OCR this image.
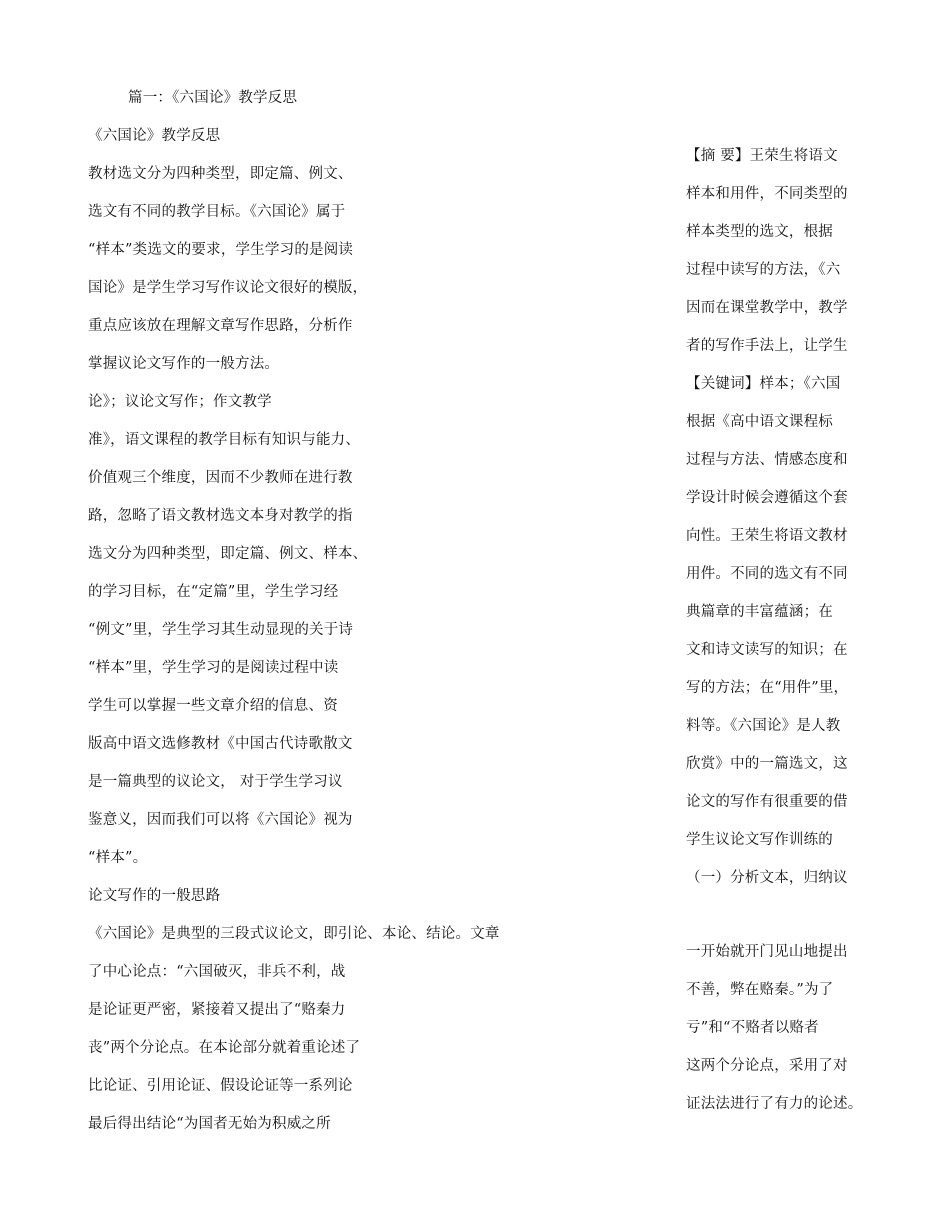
篇一：《六国论》教学反思

《六国论》教学反思

教材选文分为四种类型，即定篇、例文、

选文有不同的教学目标。《六国论》属于

“样本”类选文的要求，学生学习的是阅读

国论》是学生学习写作议论文很好的模版，

重点应该放在理解文章写作思路，分析作

掌握议论文写作的一般方法。

论》；议论文写作；作文教学

准》，语文课程的教学目标有知识与能力、

价值观三个维度，因而不少教师在进行教

路，忽略了语文教材选文本身对教学的指

选文分为四种类型，即定篇、例文、样本、

的学习目标，在“定篇”里，学生学习经

“例文”里，学生学习其生动显现的关于诗

“样本”里，学生学习的是阅读过程中读

学生可以掌握一些文章介绍的信息、资

版高中语文选修教材《中国古代诗歌散文

是一篇典型的议论文， 对于学生学习议

鉴意义，因而我们可以将《六国论》视为

“样本”。

论文写作的一般思路

《六国论》是典型的三段式议论文，即引论、本论、结论。文章

了中心论点：“六国破灭，非兵不利，战

是论证更严密，紧接着又提出了“赂秦力

丧”两个分论点。在本论部分就着重论述了

比论证、引用论证、假设论证等一系列论

最后得出结论“为国者无始为积威之所

【摘 要】王荣生将语文

样本和用件，不同类型的

样本类型的选文，根据

过程中读写的方法，《六

因而在课堂教学中，教学

者的写作手法上，让学生

【关键词】样本；《六国

根据《高中语文课程标

过程与方法、情感态度和

学设计时候会遵循这个套

向性。王荣生将语文教材

用件。不同的选文有不同

典篇章的丰富蕴涵；在

文和诗文读写的知识；在

写的方法；在“用件”里，

料等。《六国论》是人教

欣赏》中的一篇选文，这

论文的写作有很重要的借

学生议论文写作训练的

（一）分析文本，归纳议

一开始就开门见山地提出

不善，弊在赂秦。”为了

亏”和“不赂者以赂者

这两个分论点，采用了对

证法法进行了有力的论述。
